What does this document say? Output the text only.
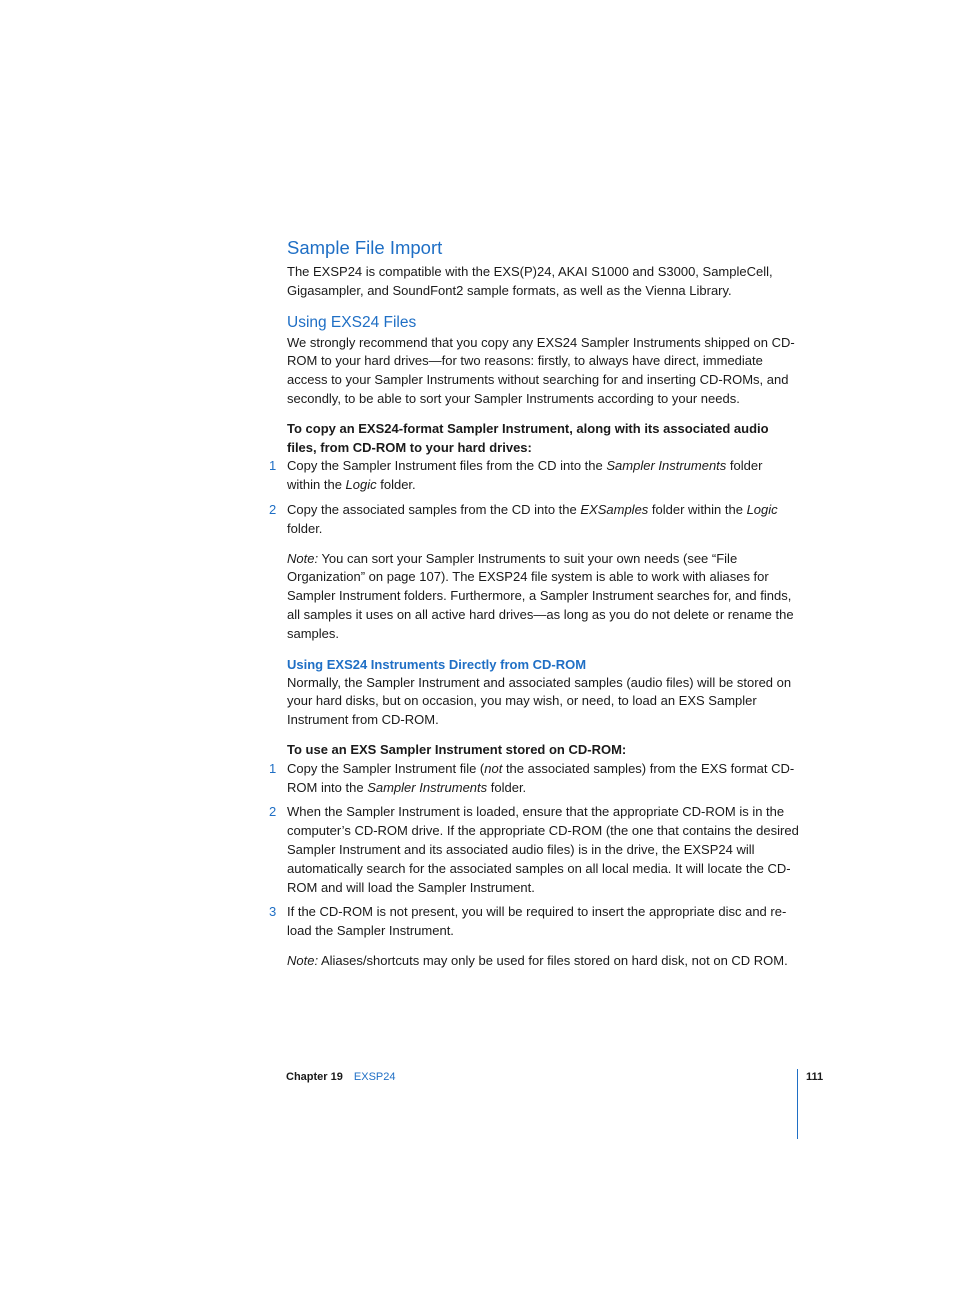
Sample File Import

The EXSP24 is compatible with the EXS(P)24, AKAI S1000 and S3000, SampleCell, Gigasampler, and SoundFont2 sample formats, as well as the Vienna Library.

Using EXS24 Files

We strongly recommend that you copy any EXS24 Sampler Instruments shipped on CD-ROM to your hard drives—for two reasons: firstly, to always have direct, immediate access to your Sampler Instruments without searching for and inserting CD-ROMs, and secondly, to be able to sort your Sampler Instruments according to your needs.

To copy an EXS24-format Sampler Instrument, along with its associated audio files, from CD-ROM to your hard drives:

1 Copy the Sampler Instrument files from the CD into the Sampler Instruments folder within the Logic folder.
2 Copy the associated samples from the CD into the EXSamples folder within the Logic folder.

Note: You can sort your Sampler Instruments to suit your own needs (see “File Organization” on page 107). The EXSP24 file system is able to work with aliases for Sampler Instrument folders. Furthermore, a Sampler Instrument searches for, and finds, all samples it uses on all active hard drives—as long as you do not delete or rename the samples.

Using EXS24 Instruments Directly from CD-ROM

Normally, the Sampler Instrument and associated samples (audio files) will be stored on your hard disks, but on occasion, you may wish, or need, to load an EXS Sampler Instrument from CD-ROM.

To use an EXS Sampler Instrument stored on CD-ROM:

1 Copy the Sampler Instrument file (not the associated samples) from the EXS format CD-ROM into the Sampler Instruments folder.
2 When the Sampler Instrument is loaded, ensure that the appropriate CD-ROM is in the computer’s CD-ROM drive. If the appropriate CD-ROM (the one that contains the desired Sampler Instrument and its associated audio files) is in the drive, the EXSP24 will automatically search for the associated samples on all local media. It will locate the CD-ROM and will load the Sampler Instrument.
3 If the CD-ROM is not present, you will be required to insert the appropriate disc and re-load the Sampler Instrument.

Note: Aliases/shortcuts may only be used for files stored on hard disk, not on CD ROM.

Chapter 19 EXSP24	111
